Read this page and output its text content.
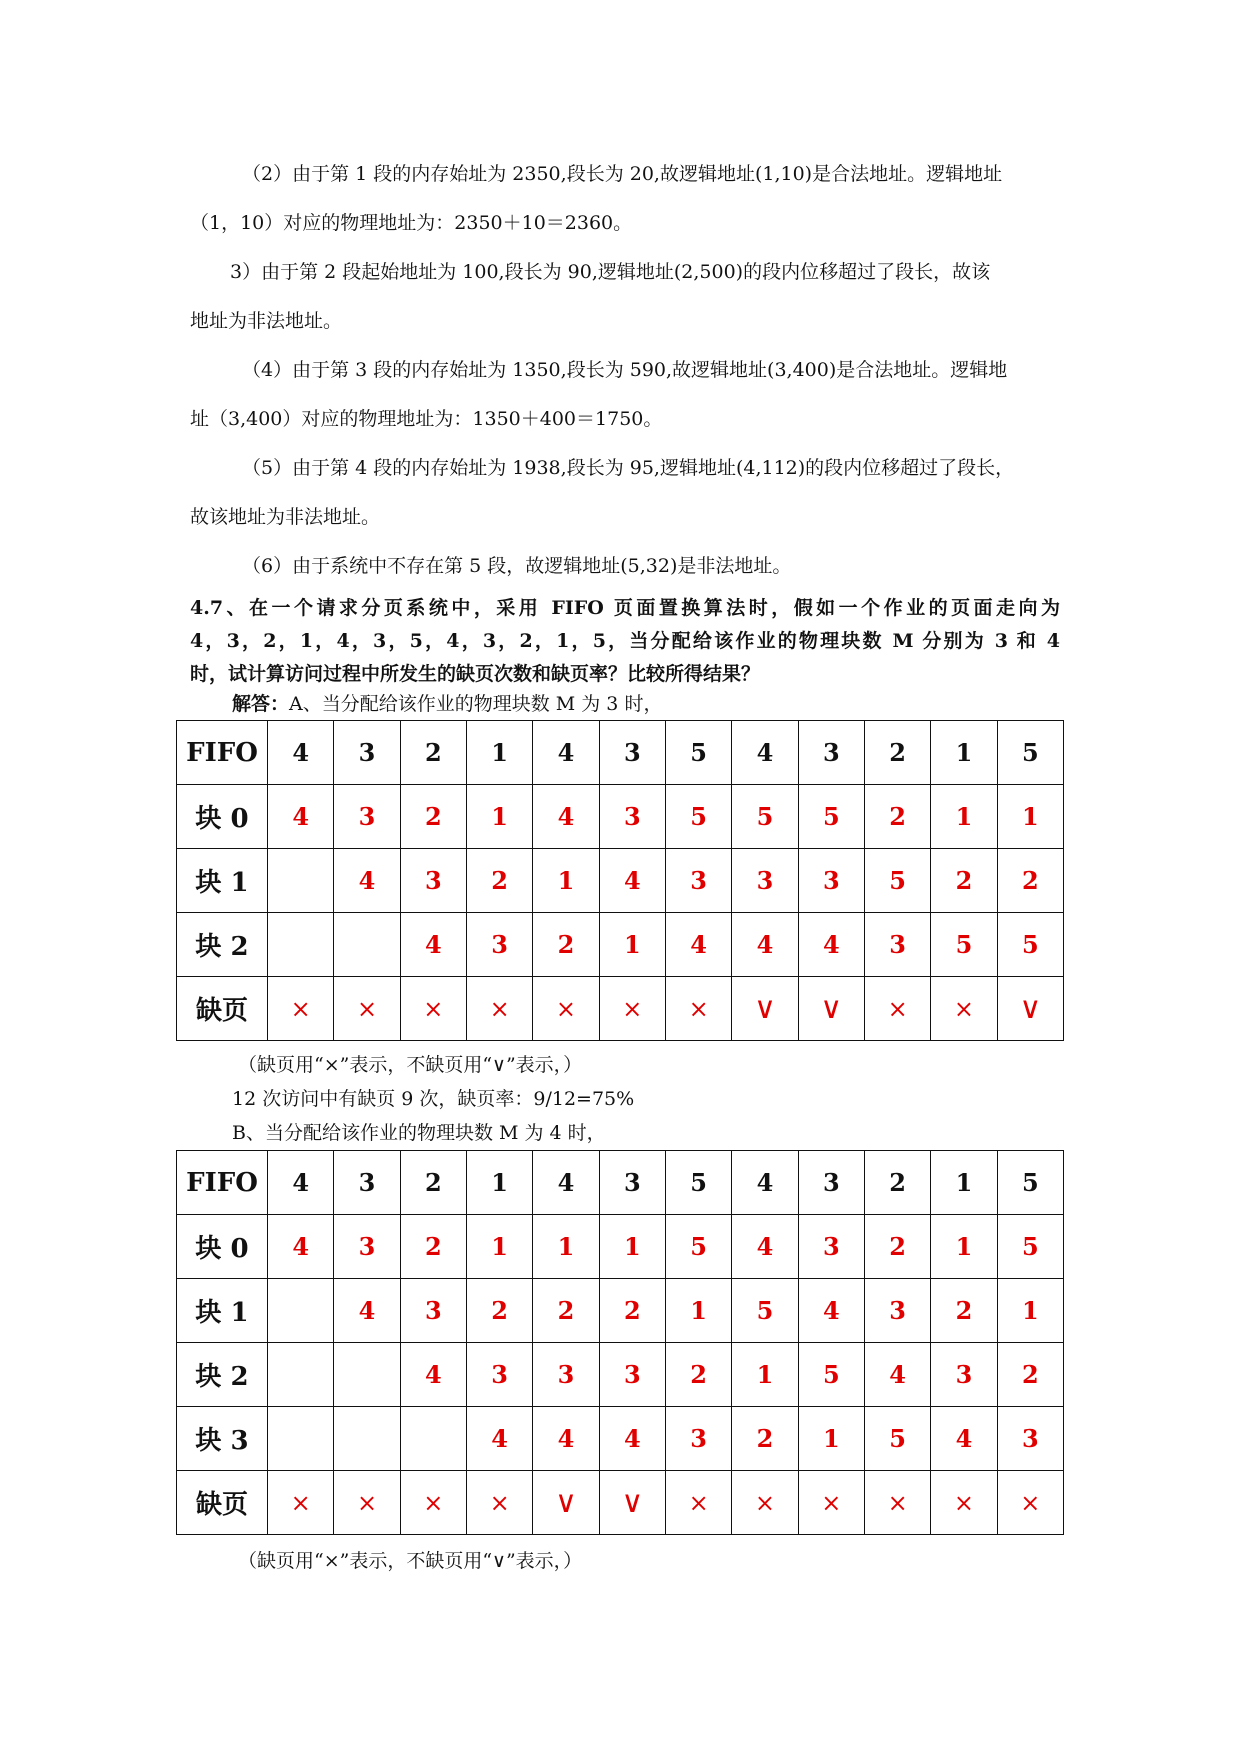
（2）由于第 1 段的内存始址为 2350,段长为 20,故逻辑地址(1,10)是合法地址。逻辑地址
（1，10）对应的物理地址为：2350＋10＝2360。
3）由于第 2 段起始地址为 100,段长为 90,逻辑地址(2,500)的段内位移超过了段长，故该
地址为非法地址。
（4）由于第 3 段的内存始址为 1350,段长为 590,故逻辑地址(3,400)是合法地址。逻辑地
址（3,400）对应的物理地址为：1350＋400＝1750。
（5）由于第 4 段的内存始址为 1938,段长为 95,逻辑地址(4,112)的段内位移超过了段长，
故该地址为非法地址。
（6）由于系统中不存在第 5 段，故逻辑地址(5,32)是非法地址。
4.7、在一个请求分页系统中，采用 FIFO 页面置换算法时，假如一个作业的页面走向为
4，3，2，1，4，3，5，4，3，2，1，5，当分配给该作业的物理块数 M 分别为 3 和 4
时，试计算访问过程中所发生的缺页次数和缺页率？比较所得结果？
解答：A、当分配给该作业的物理块数 M 为 3 时，
FIFO	4	3	2	1	4	3	5	4	3	2	1	5
块 0	4	3	2	1	4	3	5	5	5	2	1	1
块 1		4	3	2	1	4	3	3	3	5	2	2
块 2			4	3	2	1	4	4	4	3	5	5
缺页	×	×	×	×	×	×	×	∨	∨	×	×	∨
（缺页用“×”表示，不缺页用“∨”表示，）
12 次访问中有缺页 9 次，缺页率：9/12=75%
B、当分配给该作业的物理块数 M 为 4 时，
FIFO	4	3	2	1	4	3	5	4	3	2	1	5
块 0	4	3	2	1	1	1	5	4	3	2	1	5
块 1		4	3	2	2	2	1	5	4	3	2	1
块 2			4	3	3	3	2	1	5	4	3	2
块 3				4	4	4	3	2	1	5	4	3
缺页	×	×	×	×	∨	∨	×	×	×	×	×	×
（缺页用“×”表示，不缺页用“∨”表示，）
